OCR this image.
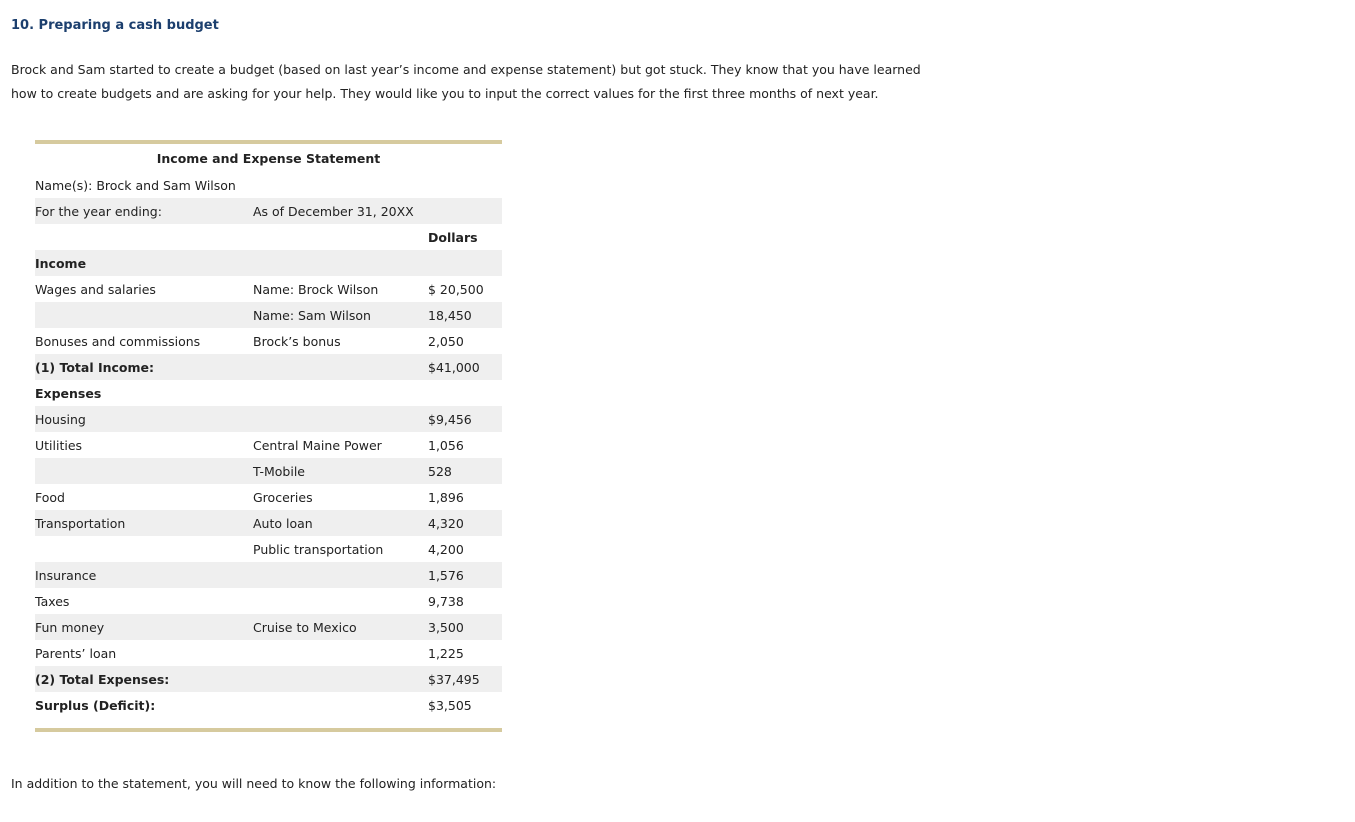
10. Preparing a cash budget
Brock and Sam started to create a budget (based on last year’s income and expense statement) but got stuck. They know that you have learned how to create budgets and are asking for your help. They would like you to input the correct values for the first three months of next year.
Income and Expense Statement
Name(s): Brock and Sam Wilson		
For the year ending:	As of December 31, 20XX	
		Dollars
Income		
Wages and salaries	Name: Brock Wilson	$ 20,500
	Name: Sam Wilson	18,450
Bonuses and commissions	Brock’s bonus	2,050
(1) Total Income:		$41,000
Expenses		
Housing		$9,456
Utilities	Central Maine Power	1,056
	T-Mobile	528
Food	Groceries	1,896
Transportation	Auto loan	4,320
	Public transportation	4,200
Insurance		1,576
Taxes		9,738
Fun money	Cruise to Mexico	3,500
Parents’ loan		1,225
(2) Total Expenses:		$37,495
Surplus (Deficit):		$3,505
In addition to the statement, you will need to know the following information:
